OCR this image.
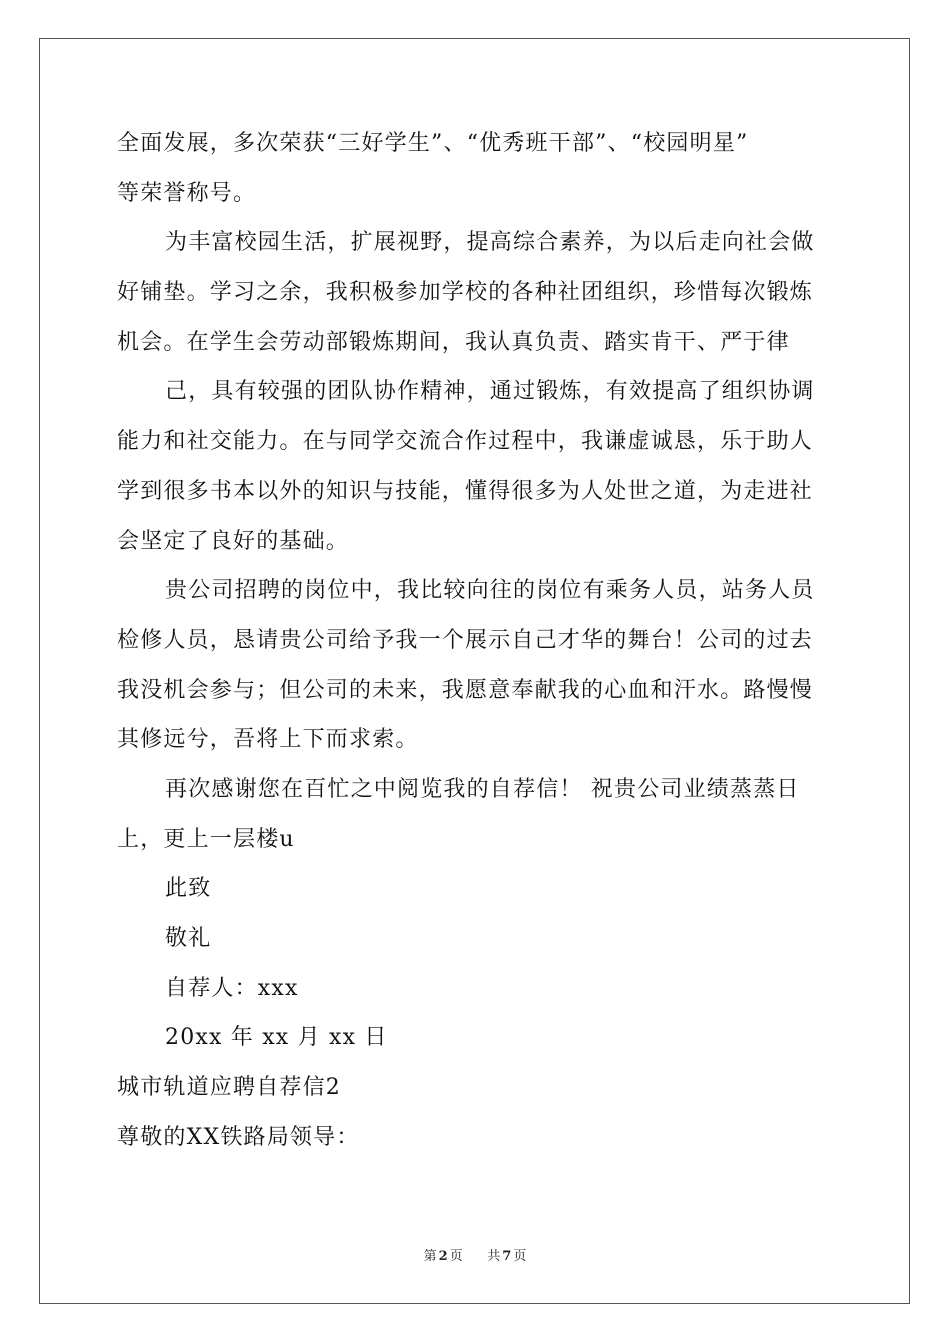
全面发展，多次荣获“三好学生”、“优秀班干部”、“校园明星”
等荣誉称号。
为丰富校园生活，扩展视野，提高综合素养，为以后走向社会做
好铺垫。学习之余，我积极参加学校的各种社团组织，珍惜每次锻炼
机会。在学生会劳动部锻炼期间，我认真负责、踏实肯干、严于律
己，具有较强的团队协作精神，通过锻炼，有效提高了组织协调
能力和社交能力。在与同学交流合作过程中，我谦虚诚恳，乐于助人
学到很多书本以外的知识与技能，懂得很多为人处世之道，为走进社
会坚定了良好的基础。
贵公司招聘的岗位中，我比较向往的岗位有乘务人员，站务人员
检修人员，恳请贵公司给予我一个展示自己才华的舞台！公司的过去
我没机会参与；但公司的未来，我愿意奉献我的心血和汗水。路慢慢
其修远兮，吾将上下而求索。
再次感谢您在百忙之中阅览我的自荐信！ 祝贵公司业绩蒸蒸日
上，更上一层楼u
此致
敬礼
自荐人：xxx
20xx 年 xx 月 xx 日
城市轨道应聘自荐信2
尊敬的XX铁路局领导：
第 2 页 共 7 页
